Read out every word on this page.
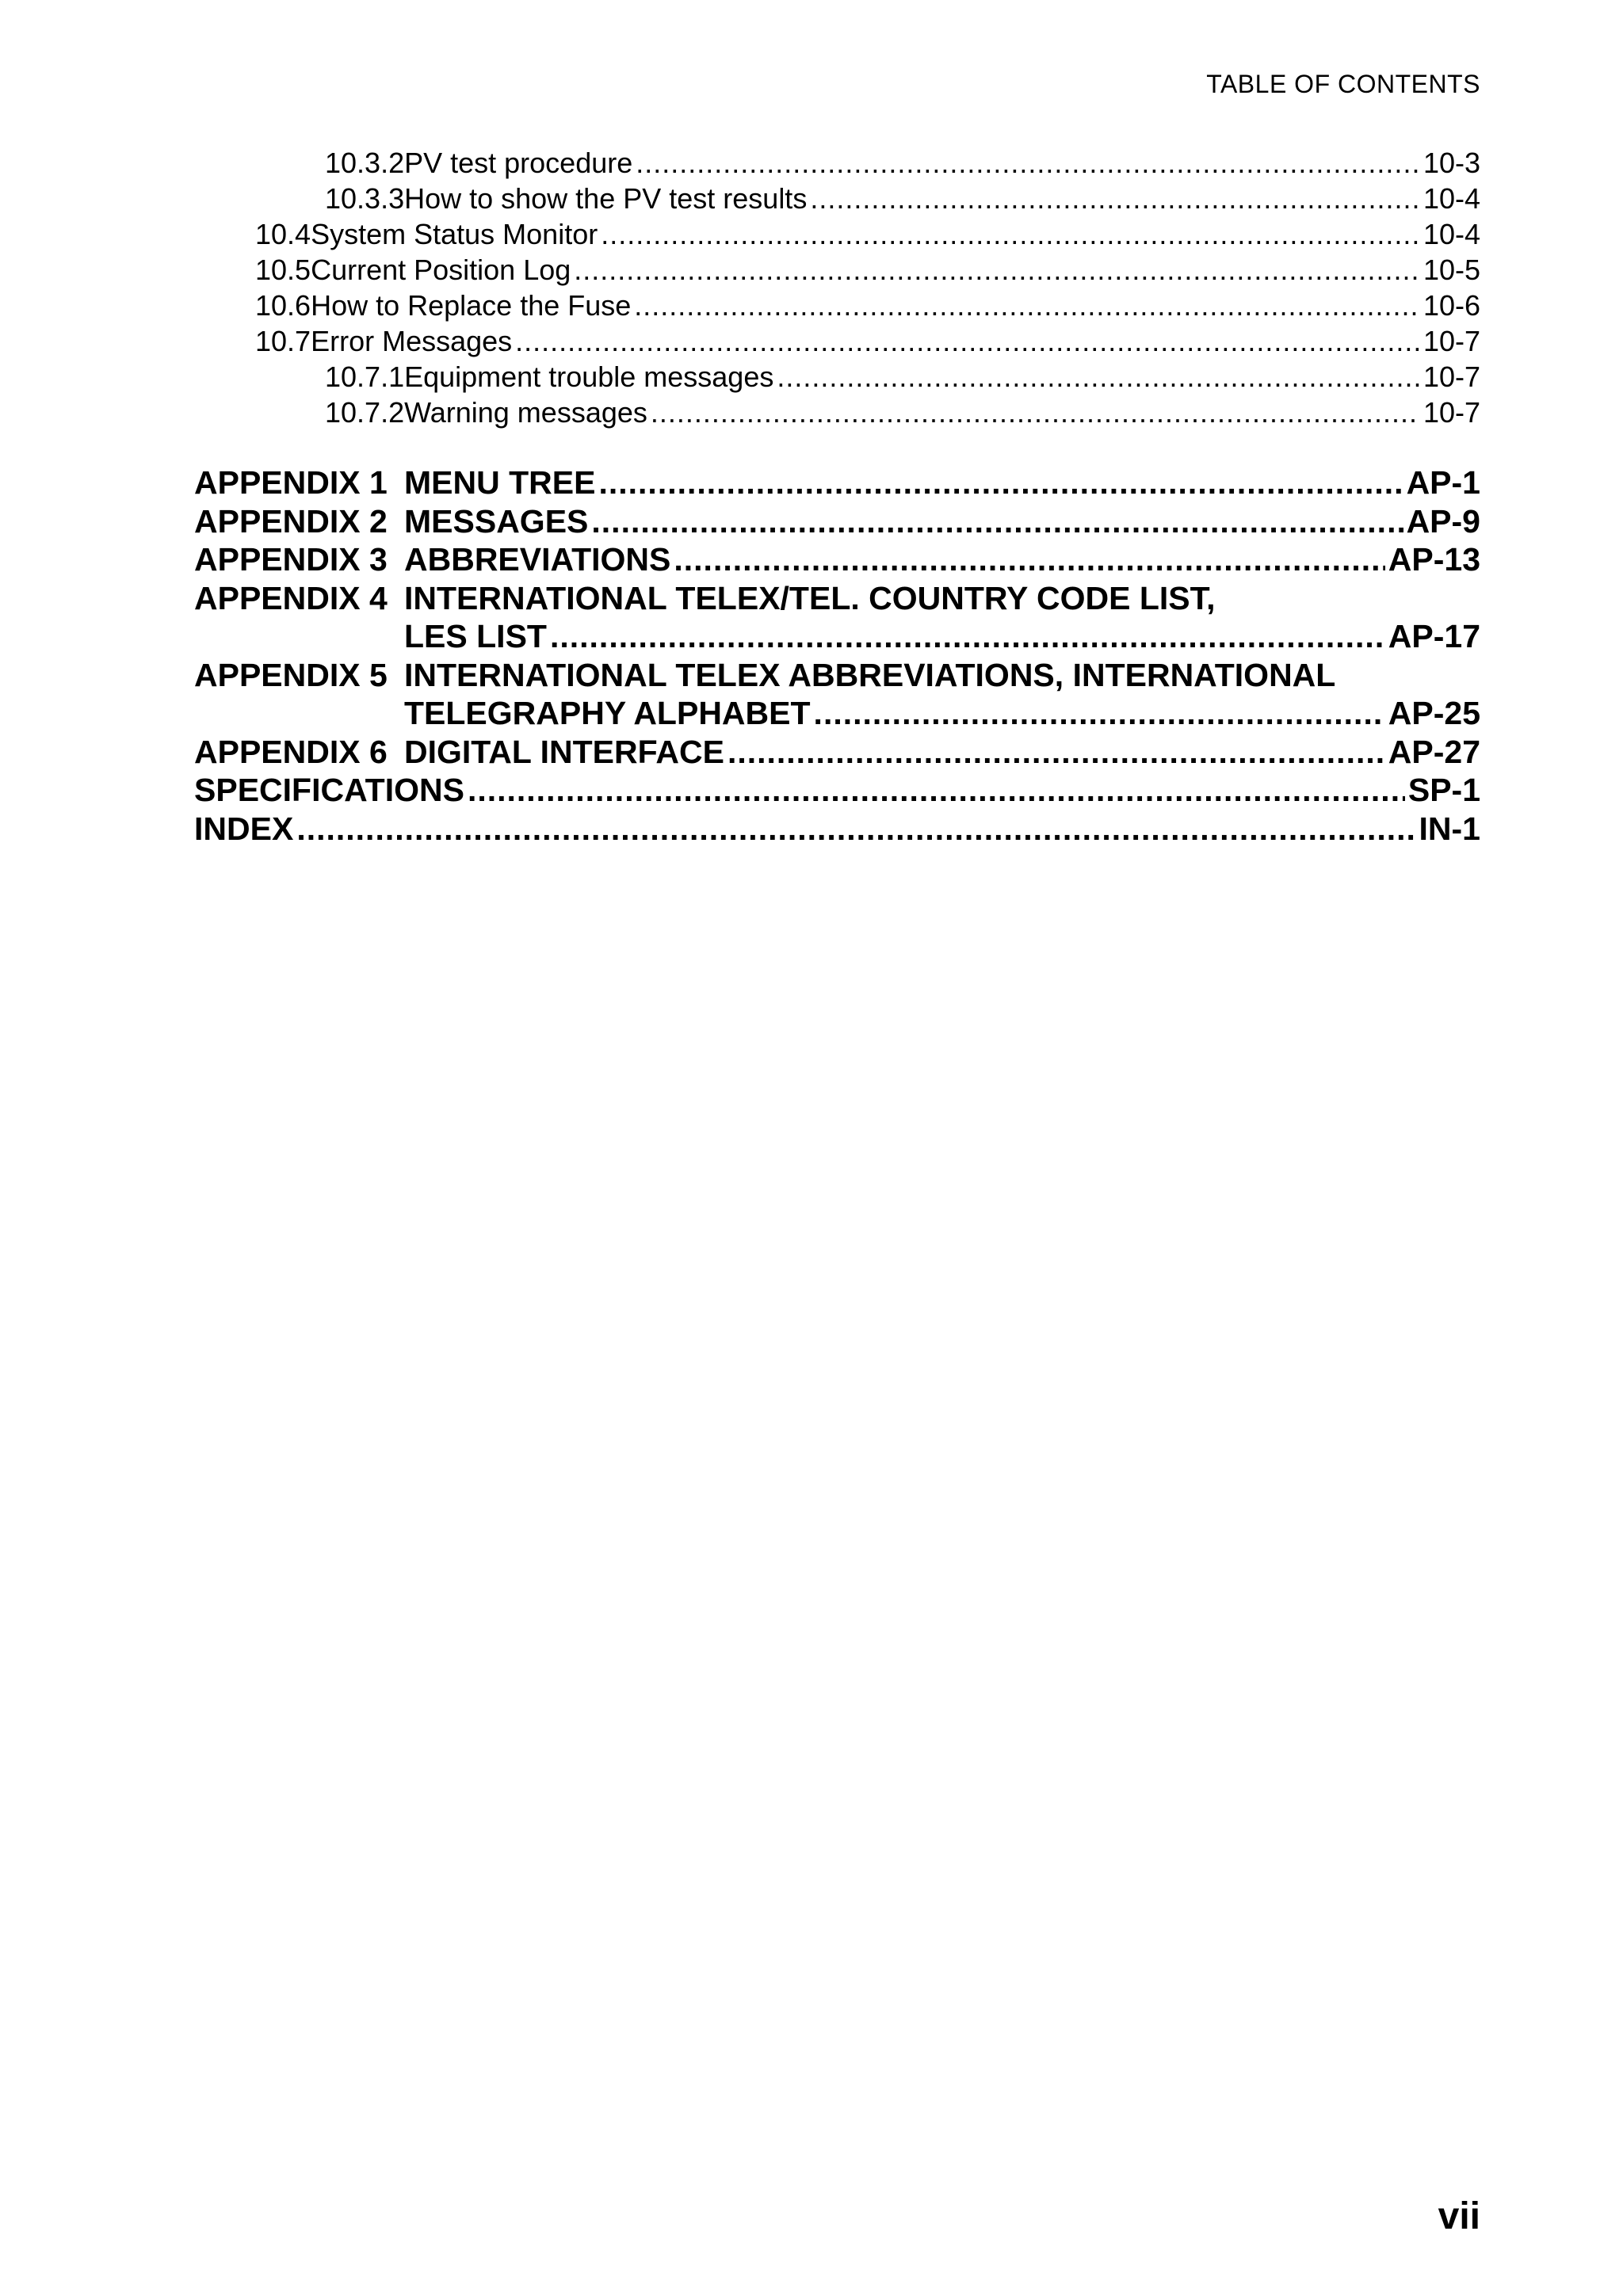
TABLE OF CONTENTS
10.3.2 PV test procedure .....	10-3
10.3.3 How to show the PV test results .....	10-4
10.4 System Status Monitor .....	10-4
10.5 Current Position Log .....	10-5
10.6 How to Replace the Fuse .....	10-6
10.7 Error Messages .....	10-7
10.7.1 Equipment trouble messages .....	10-7
10.7.2 Warning messages .....	10-7
APPENDIX 1 MENU TREE .....	AP-1
APPENDIX 2 MESSAGES .....	AP-9
APPENDIX 3 ABBREVIATIONS .....	AP-13
APPENDIX 4 INTERNATIONAL TELEX/TEL. COUNTRY CODE LIST,
LES LIST .....	AP-17
APPENDIX 5 INTERNATIONAL TELEX ABBREVIATIONS, INTERNATIONAL
TELEGRAPHY ALPHABET .....	AP-25
APPENDIX 6 DIGITAL INTERFACE .....	AP-27
SPECIFICATIONS .....	SP-1
INDEX .....	IN-1
vii
